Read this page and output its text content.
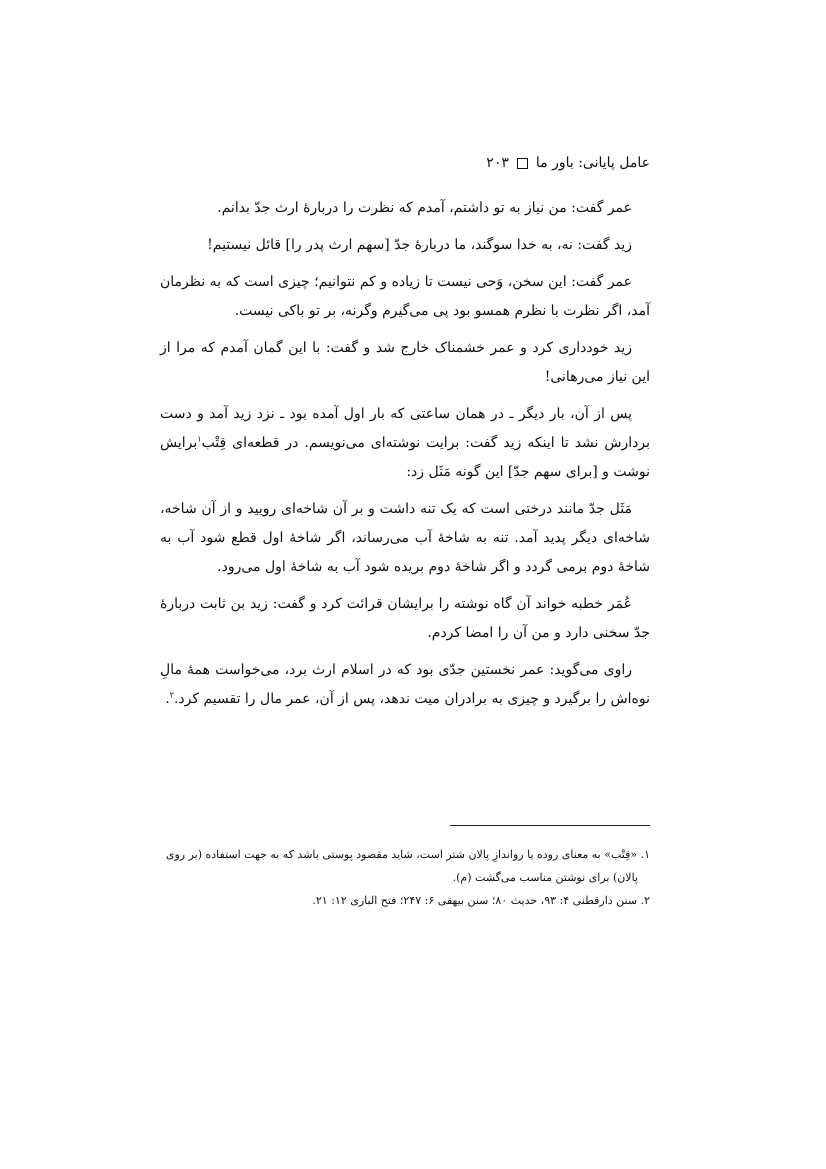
عامل پایانی: باور ما
۲۰۳

عمر گفت: من نیاز به تو داشتم، آمدم که نظرت را دربارهٔ ارث جدّ بدانم.

زید گفت: نه، به خدا سوگند، ما دربارهٔ جدّ [سهم ارث پدر را] قائل نیستیم!

عمر گفت: این سخن، وَحی نیست تا زیاده و کم نتوانیم؛ چیزی است که به نظرمان آمد، اگر نظرت با نظرم همسو بود پی می‌گیرم وگرنه، بر تو باکی نیست.

زید خودداری کرد و عمر خشمناک خارج شد و گفت: با این گمان آمدم که مرا از این نیاز می‌رهانی!

پس از آن، بار دیگر ـ در همان ساعتی که بار اول آمده بود ـ نزد زید آمد و دست بردارش نشد تا اینکه زید گفت: برایت نوشته‌ای می‌نویسم. در قطعه‌ای قِتْب$^۱$برایش نوشت و [برای سهم جدّ] این گونه مَثَل زد:

مَثَل جدّ مانند درختی است که یک تنه داشت و بر آن شاخه‌ای رویید و از آن شاخه، شاخه‌ای دیگر پدید آمد. تنه به شاخهٔ آب می‌رساند، اگر شاخهٔ اول قطع شود آب به شاخهٔ دوم برمی گردد و اگر شاخهٔ دوم بریده شود آب به شاخهٔ اول می‌رود.

عُمَر خطبه خواند آن گاه نوشته را برایشان قرائت کرد و گفت: زید بن ثابت دربارهٔ جدّ سخنی دارد و من آن را امضا کردم.

راوی می‌گوید: عمر نخستین جدّی بود که در اسلام ارث برد، می‌خواست همهٔ مالِ نوه‌اش را برگیرد و چیزی به برادران میت ندهد، پس از آن، عمر مال را تقسیم کرد.$^۲$.

۱. «قِتْب» به معنای روده یا رواندازِ پالان شتر است، شاید مقصود پوستی باشد که به جهت استفاده (بر روی

پالان) برای نوشتن مناسب می‌گشت (م).

۲. سنن دارقطنی ۴: ۹۳، حدیث ۸۰؛ سنن بیهقی ۶: ۲۴۷؛ فتح الباری ۱۲: ۲۱.
